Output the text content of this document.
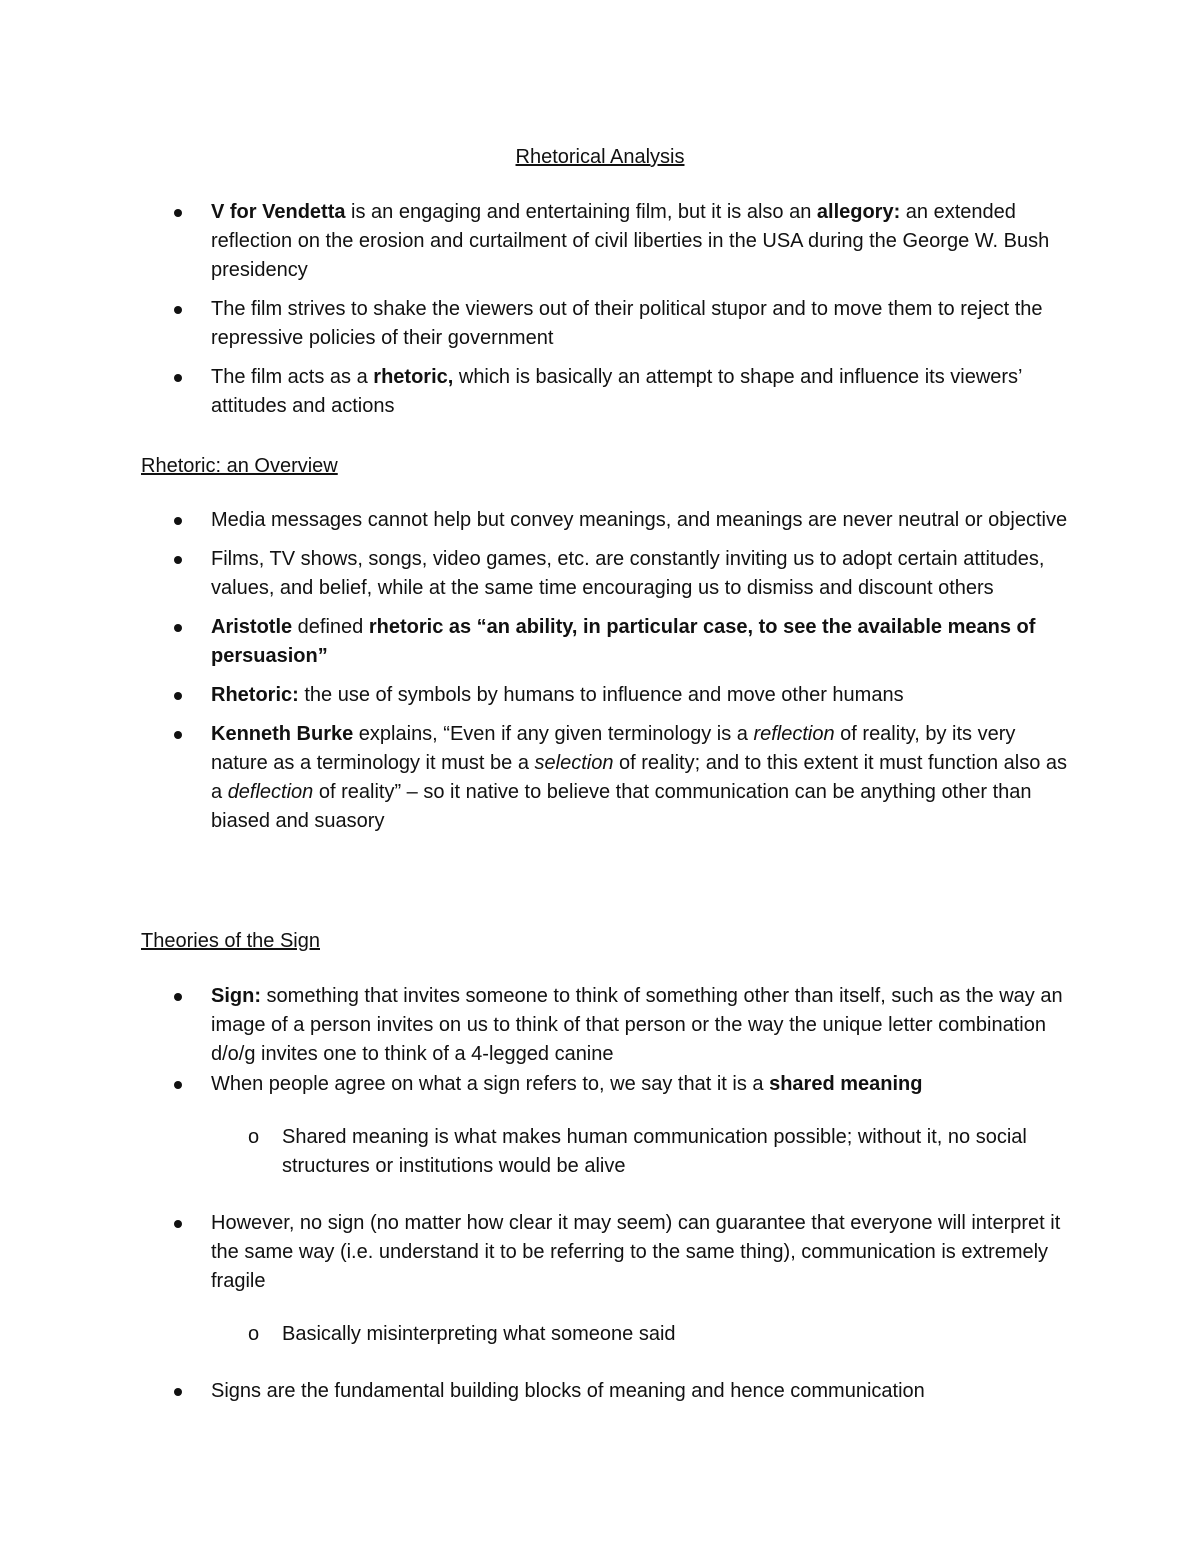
Rhetorical Analysis
V for Vendetta is an engaging and entertaining film, but it is also an allegory: an extended reflection on the erosion and curtailment of civil liberties in the USA during the George W. Bush presidency
The film strives to shake the viewers out of their political stupor and to move them to reject the repressive policies of their government
The film acts as a rhetoric, which is basically an attempt to shape and influence its viewers’ attitudes and actions
Rhetoric: an Overview
Media messages cannot help but convey meanings, and meanings are never neutral or objective
Films, TV shows, songs, video games, etc. are constantly inviting us to adopt certain attitudes, values, and belief, while at the same time encouraging us to dismiss and discount others
Aristotle defined rhetoric as “an ability, in particular case, to see the available means of persuasion”
Rhetoric: the use of symbols by humans to influence and move other humans
Kenneth Burke explains, “Even if any given terminology is a reflection of reality, by its very nature as a terminology it must be a selection of reality; and to this extent it must function also as a deflection of reality” – so it native to believe that communication can be anything other than biased and suasory
Theories of the Sign
Sign: something that invites someone to think of something other than itself, such as the way an image of a person invites on us to think of that person or the way the unique letter combination d/o/g invites one to think of a 4-legged canine
When people agree on what a sign refers to, we say that it is a shared meaning
o Shared meaning is what makes human communication possible; without it, no social structures or institutions would be alive
However, no sign (no matter how clear it may seem) can guarantee that everyone will interpret it the same way (i.e. understand it to be referring to the same thing), communication is extremely fragile
o Basically misinterpreting what someone said
Signs are the fundamental building blocks of meaning and hence communication
